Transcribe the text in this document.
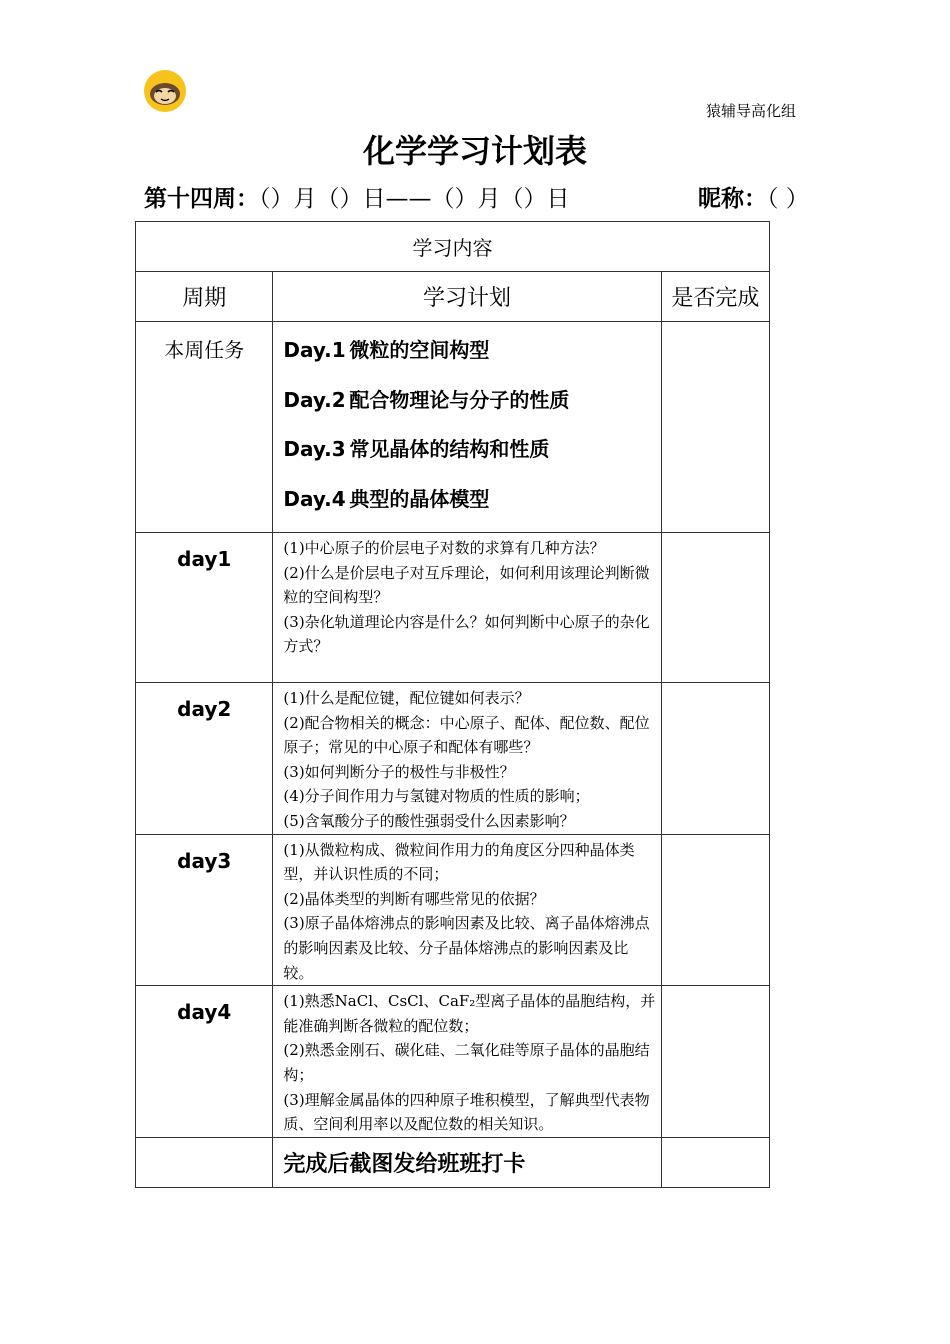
猿辅导高化组
化学学习计划表
第十四周：（）月（）日——（）月（）日	昵称：（ ）
学习内容		
周期	学习计划	是否完成
本周任务	Day.1 微粒的空间构型
Day.2 配合物理论与分子的性质
Day.3 常见晶体的结构和性质
Day.4 典型的晶体模型	

day1	(1)中心原子的价层电子对数的求算有几种方法？
(2)什么是价层电子对互斥理论，如何利用该理论判断微粒的空间构型？
(3)杂化轨道理论内容是什么？如何判断中心原子的杂化方式？	

day2	(1)什么是配位键，配位键如何表示？
(2)配合物相关的概念：中心原子、配体、配位数、配位原子；常见的中心原子和配体有哪些？
(3)如何判断分子的极性与非极性？
(4)分子间作用力与氢键对物质的性质的影响；
(5)含氧酸分子的酸性强弱受什么因素影响？	

day3	(1)从微粒构成、微粒间作用力的角度区分四种晶体类型，并认识性质的不同；
(2)晶体类型的判断有哪些常见的依据？
(3)原子晶体熔沸点的影响因素及比较、离子晶体熔沸点的影响因素及比较、分子晶体熔沸点的影响因素及比较。	

day4	(1)熟悉NaCl、CsCl、CaF₂型离子晶体的晶胞结构，并能准确判断各微粒的配位数；
(2)熟悉金刚石、碳化硅、二氧化硅等原子晶体的晶胞结构；
(3)理解金属晶体的四种原子堆积模型，了解典型代表物质、空间利用率以及配位数的相关知识。	

	完成后截图发给班班打卡	
